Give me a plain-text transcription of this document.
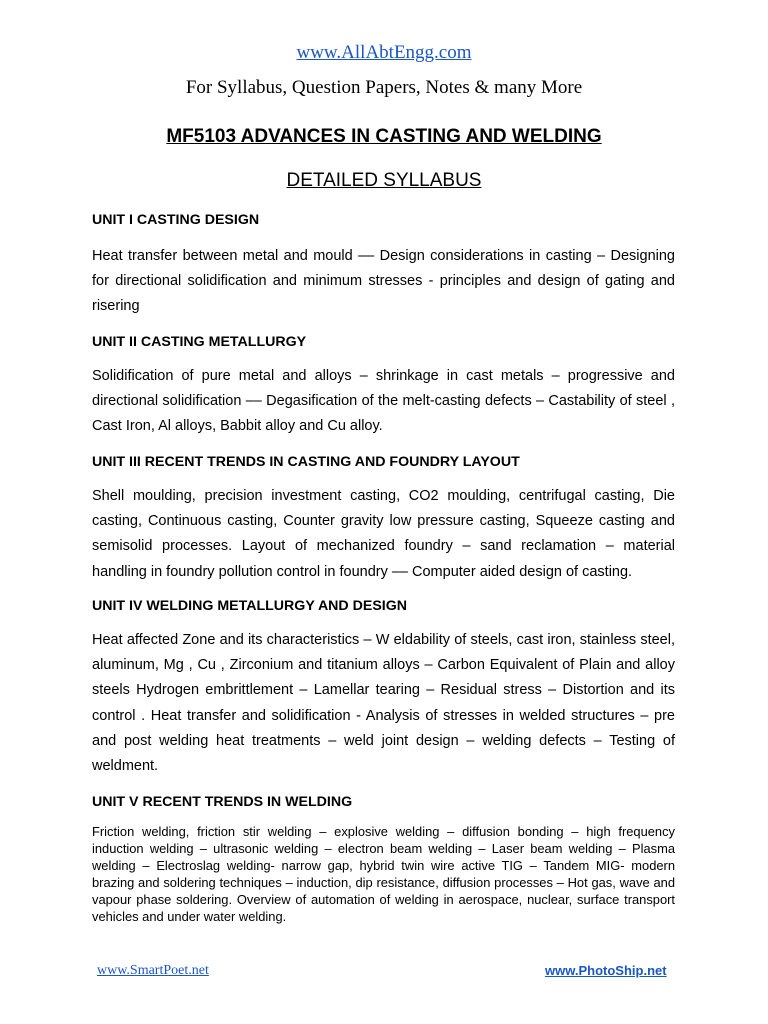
www.AllAbtEngg.com
For Syllabus, Question Papers, Notes & many More
MF5103 ADVANCES IN CASTING AND WELDING
DETAILED SYLLABUS
UNIT I CASTING DESIGN
Heat transfer between metal and mould –– Design considerations in casting – Designing for directional solidification and minimum stresses - principles and design of gating and risering
UNIT II CASTING METALLURGY
Solidification of pure metal and alloys – shrinkage in cast metals – progressive and directional solidification –– Degasification of the melt-casting defects – Castability of steel , Cast Iron, Al alloys, Babbit alloy and Cu alloy.
UNIT III RECENT TRENDS IN CASTING AND FOUNDRY LAYOUT
Shell moulding, precision investment casting, CO2 moulding, centrifugal casting, Die casting, Continuous casting, Counter gravity low pressure casting, Squeeze casting and semisolid processes. Layout of mechanized foundry – sand reclamation – material handling in foundry pollution control in foundry –– Computer aided design of casting.
UNIT IV WELDING METALLURGY AND DESIGN
Heat affected Zone and its characteristics – W eldability of steels, cast iron, stainless steel, aluminum, Mg , Cu , Zirconium and titanium alloys – Carbon Equivalent of Plain and alloy steels Hydrogen embrittlement – Lamellar tearing – Residual stress – Distortion and its control . Heat transfer and solidification - Analysis of stresses in welded structures – pre and post welding heat treatments – weld joint design – welding defects – Testing of weldment.
UNIT V RECENT TRENDS IN WELDING
Friction welding, friction stir welding – explosive welding – diffusion bonding – high frequency induction welding – ultrasonic welding – electron beam welding – Laser beam welding – Plasma welding – Electroslag welding- narrow gap, hybrid twin wire active TIG – Tandem MIG- modern brazing and soldering techniques – induction, dip resistance, diffusion processes – Hot gas, wave and vapour phase soldering. Overview of automation of welding in aerospace, nuclear, surface transport vehicles and under water welding.
www.SmartPoet.net	www.PhotoShip.net
